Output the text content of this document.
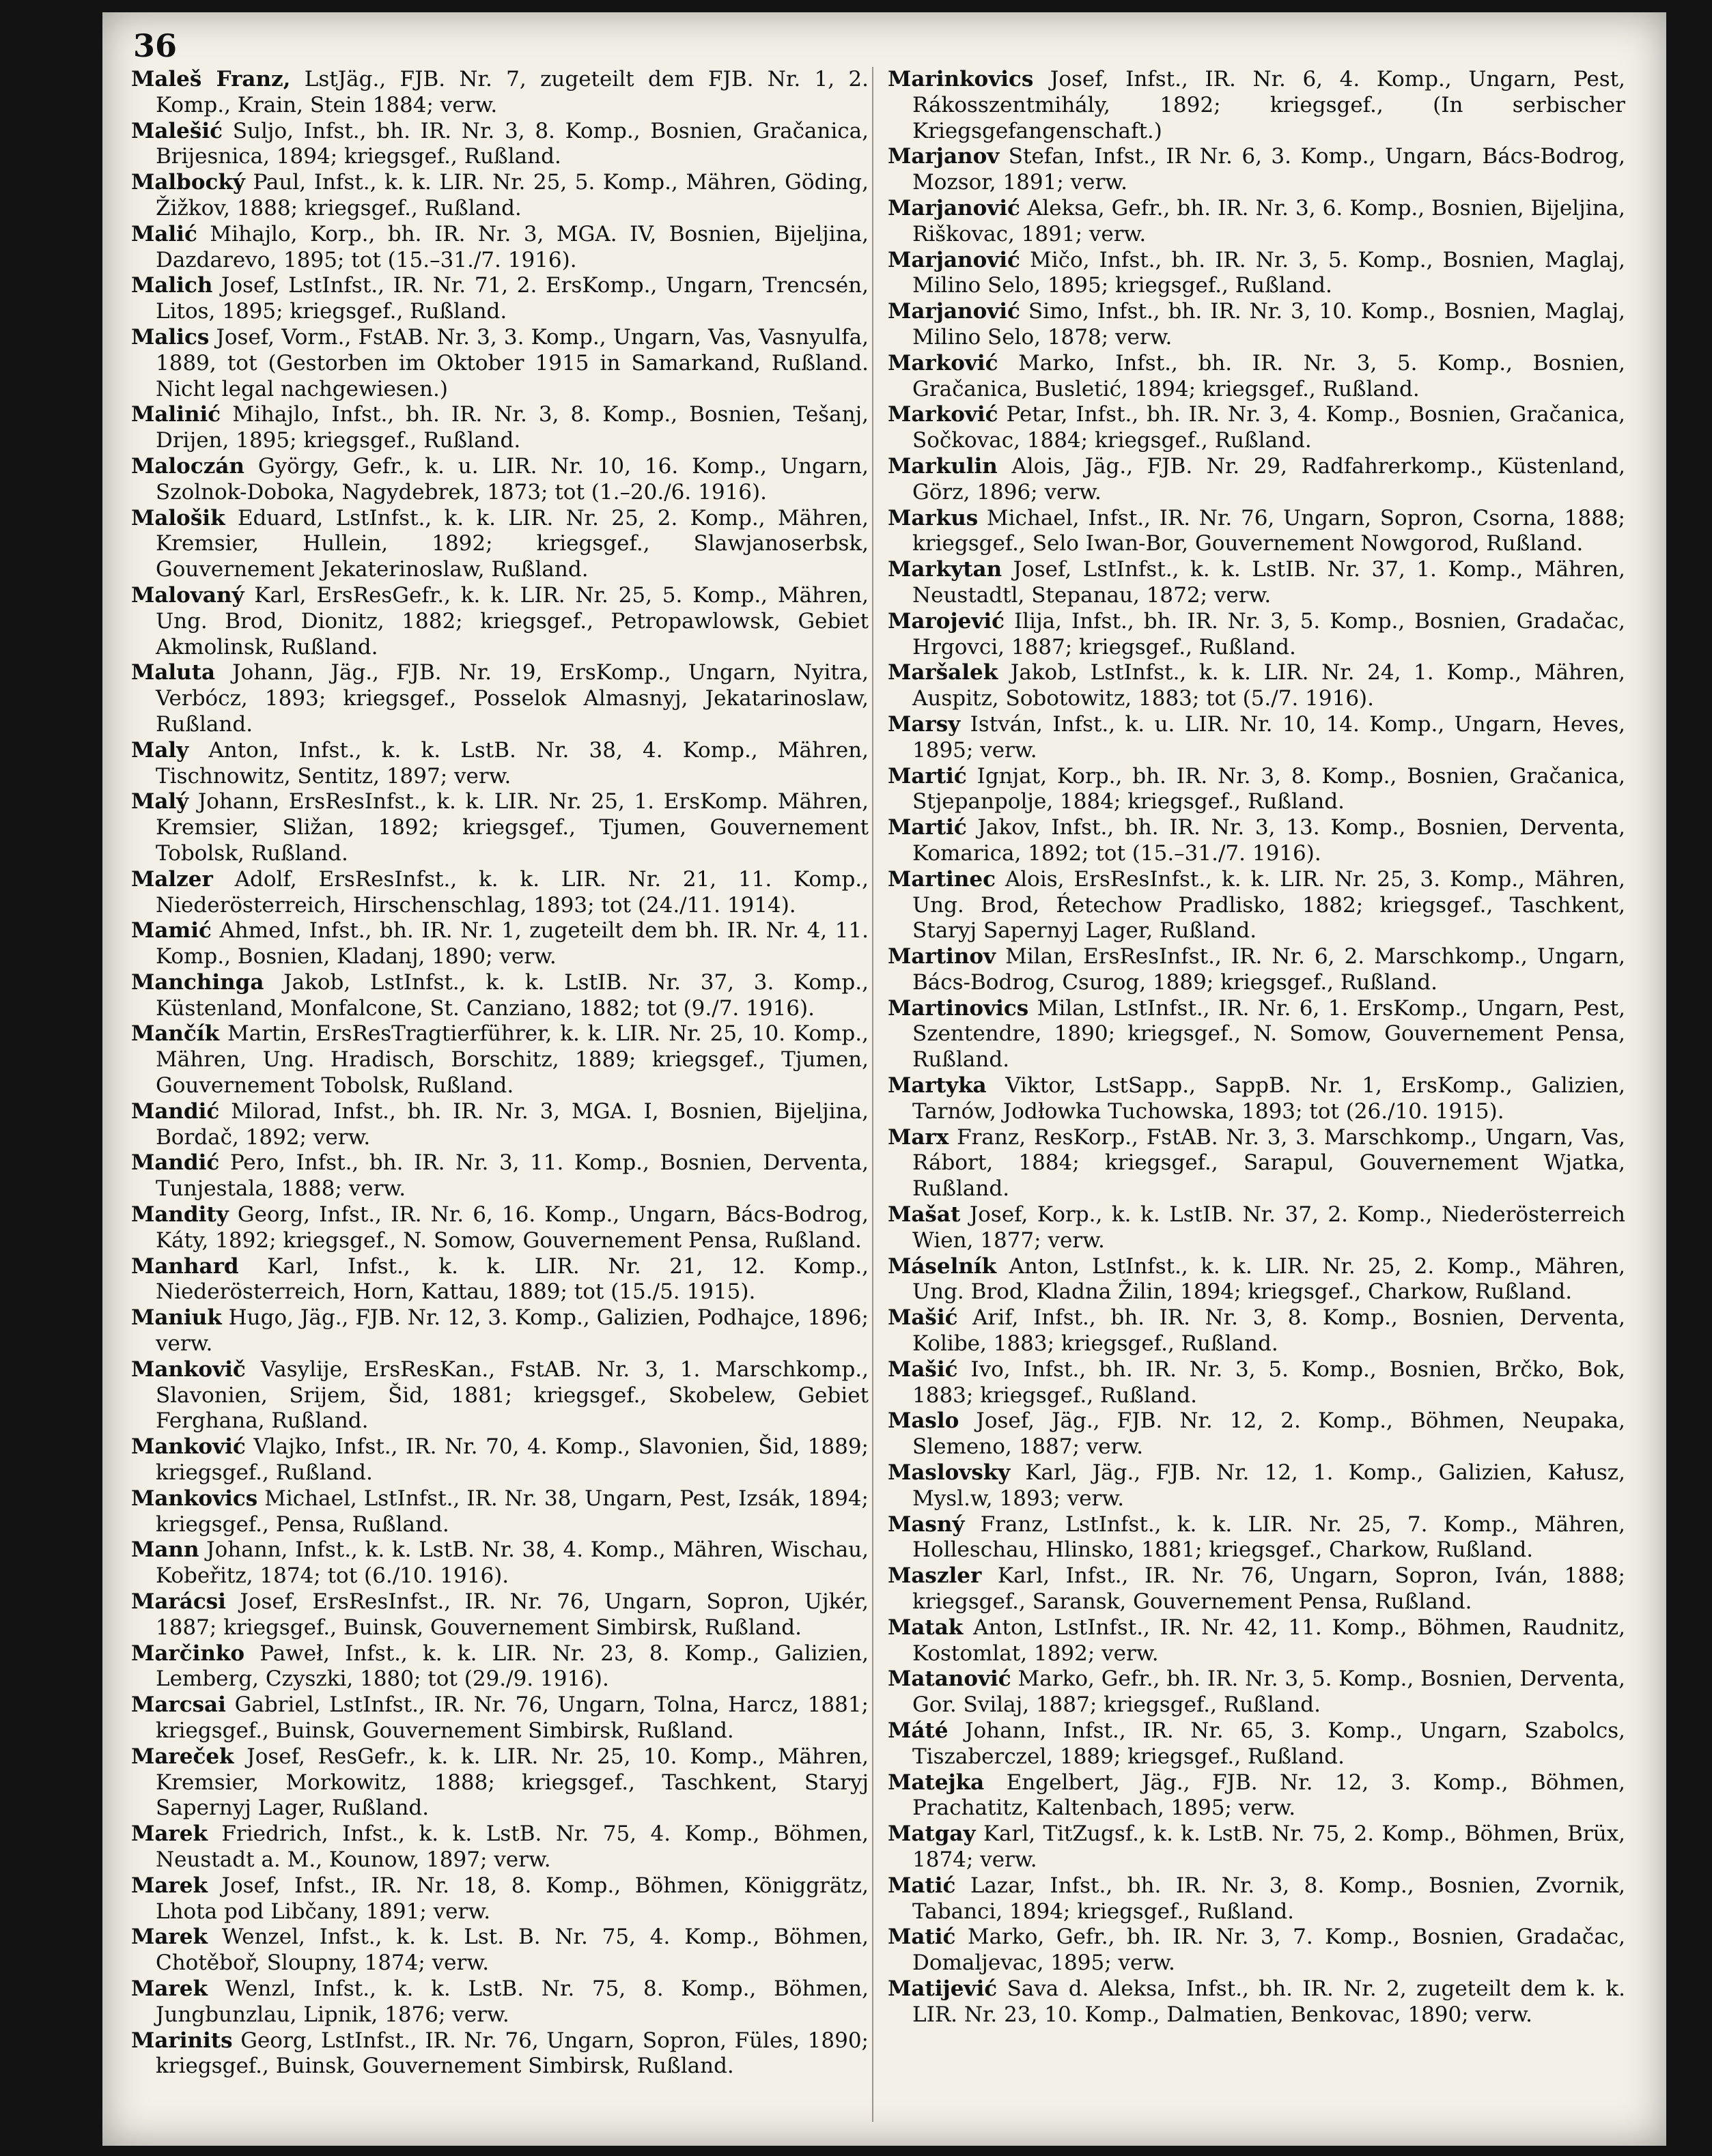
36

Maleš Franz, LstJäg., FJB. Nr. 7, zugeteilt dem FJB. Nr. 1, 2. Komp., Krain, Stein 1884; verw.

Malešić Suljo, Infst., bh. IR. Nr. 3, 8. Komp., Bosnien, Gračanica, Brijesnica, 1894; kriegsgef., Rußland.

Malbocký Paul, Infst., k. k. LIR. Nr. 25, 5. Komp., Mähren, Göding, Žižkov, 1888; kriegsgef., Rußland.

Malić Mihajlo, Korp., bh. IR. Nr. 3, MGA. IV, Bosnien, Bijeljina, Dazdarevo, 1895; tot (15.–31./7. 1916).

Malich Josef, LstInfst., IR. Nr. 71, 2. ErsKomp., Ungarn, Trencsén, Litos, 1895; kriegsgef., Rußland.

Malics Josef, Vorm., FstAB. Nr. 3, 3. Komp., Ungarn, Vas, Vasnyulfa, 1889, tot (Gestorben im Oktober 1915 in Samarkand, Rußland. Nicht legal nachgewiesen.)

Malinić Mihajlo, Infst., bh. IR. Nr. 3, 8. Komp., Bosnien, Tešanj, Drijen, 1895; kriegsgef., Rußland.

Maloczán György, Gefr., k. u. LIR. Nr. 10, 16. Komp., Ungarn, Szolnok-Doboka, Nagydebrek, 1873; tot (1.–20./6. 1916).

Malošik Eduard, LstInfst., k. k. LIR. Nr. 25, 2. Komp., Mähren, Kremsier, Hullein, 1892; kriegsgef., Slawjanoserbsk, Gouvernement Jekaterinoslaw, Rußland.

Malovaný Karl, ErsResGefr., k. k. LIR. Nr. 25, 5. Komp., Mähren, Ung. Brod, Dionitz, 1882; kriegsgef., Petropawlowsk, Gebiet Akmolinsk, Rußland.

Maluta Johann, Jäg., FJB. Nr. 19, ErsKomp., Ungarn, Nyitra, Verbócz, 1893; kriegsgef., Posselok Almasnyj, Jekatarinoslaw, Rußland.

Maly Anton, Infst., k. k. LstB. Nr. 38, 4. Komp., Mähren, Tischnowitz, Sentitz, 1897; verw.

Malý Johann, ErsResInfst., k. k. LIR. Nr. 25, 1. ErsKomp. Mähren, Kremsier, Sližan, 1892; kriegsgef., Tjumen, Gouvernement Tobolsk, Rußland.

Malzer Adolf, ErsResInfst., k. k. LIR. Nr. 21, 11. Komp., Niederösterreich, Hirschenschlag, 1893; tot (24./11. 1914).

Mamić Ahmed, Infst., bh. IR. Nr. 1, zugeteilt dem bh. IR. Nr. 4, 11. Komp., Bosnien, Kladanj, 1890; verw.

Manchinga Jakob, LstInfst., k. k. LstIB. Nr. 37, 3. Komp., Küstenland, Monfalcone, St. Canziano, 1882; tot (9./7. 1916).

Mančík Martin, ErsResTragtierführer, k. k. LIR. Nr. 25, 10. Komp., Mähren, Ung. Hradisch, Borschitz, 1889; kriegsgef., Tjumen, Gouvernement Tobolsk, Rußland.

Mandić Milorad, Infst., bh. IR. Nr. 3, MGA. I, Bosnien, Bijeljina, Bordač, 1892; verw.

Mandić Pero, Infst., bh. IR. Nr. 3, 11. Komp., Bosnien, Derventa, Tunjestala, 1888; verw.

Mandity Georg, Infst., IR. Nr. 6, 16. Komp., Ungarn, Bács-Bodrog, Káty, 1892; kriegsgef., N. Somow, Gouvernement Pensa, Rußland.

Manhard Karl, Infst., k. k. LIR. Nr. 21, 12. Komp., Niederösterreich, Horn, Kattau, 1889; tot (15./5. 1915).

Maniuk Hugo, Jäg., FJB. Nr. 12, 3. Komp., Galizien, Podhajce, 1896; verw.

Mankovič Vasylije, ErsResKan., FstAB. Nr. 3, 1. Marschkomp., Slavonien, Srijem, Šid, 1881; kriegsgef., Skobelew, Gebiet Ferghana, Rußland.

Manković Vlajko, Infst., IR. Nr. 70, 4. Komp., Slavonien, Šid, 1889; kriegsgef., Rußland.

Mankovics Michael, LstInfst., IR. Nr. 38, Ungarn, Pest, Izsák, 1894; kriegsgef., Pensa, Rußland.

Mann Johann, Infst., k. k. LstB. Nr. 38, 4. Komp., Mähren, Wischau, Kobeřitz, 1874; tot (6./10. 1916).

Marácsi Josef, ErsResInfst., IR. Nr. 76, Ungarn, Sopron, Ujkér, 1887; kriegsgef., Buinsk, Gouvernement Simbirsk, Rußland.

Marčinko Paweł, Infst., k. k. LIR. Nr. 23, 8. Komp., Galizien, Lemberg, Czyszki, 1880; tot (29./9. 1916).

Marcsai Gabriel, LstInfst., IR. Nr. 76, Ungarn, Tolna, Harcz, 1881; kriegsgef., Buinsk, Gouvernement Simbirsk, Rußland.

Mareček Josef, ResGefr., k. k. LIR. Nr. 25, 10. Komp., Mähren, Kremsier, Morkowitz, 1888; kriegsgef., Taschkent, Staryj Sapernyj Lager, Rußland.

Marek Friedrich, Infst., k. k. LstB. Nr. 75, 4. Komp., Böhmen, Neustadt a. M., Kounow, 1897; verw.

Marek Josef, Infst., IR. Nr. 18, 8. Komp., Böhmen, Königgrätz, Lhota pod Libčany, 1891; verw.

Marek Wenzel, Infst., k. k. Lst. B. Nr. 75, 4. Komp., Böhmen, Chotěboř, Sloupny, 1874; verw.

Marek Wenzl, Infst., k. k. LstB. Nr. 75, 8. Komp., Böhmen, Jungbunzlau, Lipnik, 1876; verw.

Marinits Georg, LstInfst., IR. Nr. 76, Ungarn, Sopron, Füles, 1890; kriegsgef., Buinsk, Gouvernement Simbirsk, Rußland.

Marinkovics Josef, Infst., IR. Nr. 6, 4. Komp., Ungarn, Pest, Rákosszentmihály, 1892; kriegsgef., (In serbischer Kriegsgefangenschaft.)

Marjanov Stefan, Infst., IR Nr. 6, 3. Komp., Ungarn, Bács-Bodrog, Mozsor, 1891; verw.

Marjanović Aleksa, Gefr., bh. IR. Nr. 3, 6. Komp., Bosnien, Bijeljina, Riškovac, 1891; verw.

Marjanović Mičo, Infst., bh. IR. Nr. 3, 5. Komp., Bosnien, Maglaj, Milino Selo, 1895; kriegsgef., Rußland.

Marjanović Simo, Infst., bh. IR. Nr. 3, 10. Komp., Bosnien, Maglaj, Milino Selo, 1878; verw.

Marković Marko, Infst., bh. IR. Nr. 3, 5. Komp., Bosnien, Gračanica, Busletić, 1894; kriegsgef., Rußland.

Marković Petar, Infst., bh. IR. Nr. 3, 4. Komp., Bosnien, Gračanica, Sočkovac, 1884; kriegsgef., Rußland.

Markulin Alois, Jäg., FJB. Nr. 29, Radfahrerkomp., Küstenland, Görz, 1896; verw.

Markus Michael, Infst., IR. Nr. 76, Ungarn, Sopron, Csorna, 1888; kriegsgef., Selo Iwan-Bor, Gouvernement Nowgorod, Rußland.

Markytan Josef, LstInfst., k. k. LstIB. Nr. 37, 1. Komp., Mähren, Neustadtl, Stepanau, 1872; verw.

Marojević Ilija, Infst., bh. IR. Nr. 3, 5. Komp., Bosnien, Gradačac, Hrgovci, 1887; kriegsgef., Rußland.

Maršalek Jakob, LstInfst., k. k. LIR. Nr. 24, 1. Komp., Mähren, Auspitz, Sobotowitz, 1883; tot (5./7. 1916).

Marsy István, Infst., k. u. LIR. Nr. 10, 14. Komp., Ungarn, Heves, 1895; verw.

Martić Ignjat, Korp., bh. IR. Nr. 3, 8. Komp., Bosnien, Gračanica, Stjepanpolje, 1884; kriegsgef., Rußland.

Martić Jakov, Infst., bh. IR. Nr. 3, 13. Komp., Bosnien, Derventa, Komarica, 1892; tot (15.–31./7. 1916).

Martinec Alois, ErsResInfst., k. k. LIR. Nr. 25, 3. Komp., Mähren, Ung. Brod, Ŕetechow Pradlisko, 1882; kriegsgef., Taschkent, Staryj Sapernyj Lager, Rußland.

Martinov Milan, ErsResInfst., IR. Nr. 6, 2. Marschkomp., Ungarn, Bács-Bodrog, Csurog, 1889; kriegsgef., Rußland.

Martinovics Milan, LstInfst., IR. Nr. 6, 1. ErsKomp., Ungarn, Pest, Szentendre, 1890; kriegsgef., N. Somow, Gouvernement Pensa, Rußland.

Martyka Viktor, LstSapp., SappB. Nr. 1, ErsKomp., Galizien, Tarnów, Jodłowka Tuchowska, 1893; tot (26./10. 1915).

Marx Franz, ResKorp., FstAB. Nr. 3, 3. Marschkomp., Ungarn, Vas, Rábort, 1884; kriegsgef., Sarapul, Gouvernement Wjatka, Rußland.

Mašat Josef, Korp., k. k. LstIB. Nr. 37, 2. Komp., Niederösterreich Wien, 1877; verw.

Máselník Anton, LstInfst., k. k. LIR. Nr. 25, 2. Komp., Mähren, Ung. Brod, Kladna Žilin, 1894; kriegsgef., Charkow, Rußland.

Mašić Arif, Infst., bh. IR. Nr. 3, 8. Komp., Bosnien, Derventa, Kolibe, 1883; kriegsgef., Rußland.

Mašić Ivo, Infst., bh. IR. Nr. 3, 5. Komp., Bosnien, Brčko, Bok, 1883; kriegsgef., Rußland.

Maslo Josef, Jäg., FJB. Nr. 12, 2. Komp., Böhmen, Neupaka, Slemeno, 1887; verw.

Maslovsky Karl, Jäg., FJB. Nr. 12, 1. Komp., Galizien, Kałusz, Mysl.w, 1893; verw.

Masný Franz, LstInfst., k. k. LIR. Nr. 25, 7. Komp., Mähren, Holleschau, Hlinsko, 1881; kriegsgef., Charkow, Rußland.

Maszler Karl, Infst., IR. Nr. 76, Ungarn, Sopron, Iván, 1888; kriegsgef., Saransk, Gouvernement Pensa, Rußland.

Matak Anton, LstInfst., IR. Nr. 42, 11. Komp., Böhmen, Raudnitz, Kostomlat, 1892; verw.

Matanović Marko, Gefr., bh. IR. Nr. 3, 5. Komp., Bosnien, Derventa, Gor. Svilaj, 1887; kriegsgef., Rußland.

Máté Johann, Infst., IR. Nr. 65, 3. Komp., Ungarn, Szabolcs, Tiszaberczel, 1889; kriegsgef., Rußland.

Matejka Engelbert, Jäg., FJB. Nr. 12, 3. Komp., Böhmen, Prachatitz, Kaltenbach, 1895; verw.

Matgay Karl, TitZugsf., k. k. LstB. Nr. 75, 2. Komp., Böhmen, Brüx, 1874; verw.

Matić Lazar, Infst., bh. IR. Nr. 3, 8. Komp., Bosnien, Zvornik, Tabanci, 1894; kriegsgef., Rußland.

Matić Marko, Gefr., bh. IR. Nr. 3, 7. Komp., Bosnien, Gradačac, Domaljevac, 1895; verw.

Matijević Sava d. Aleksa, Infst., bh. IR. Nr. 2, zugeteilt dem k. k. LIR. Nr. 23, 10. Komp., Dalmatien, Benkovac, 1890; verw.
